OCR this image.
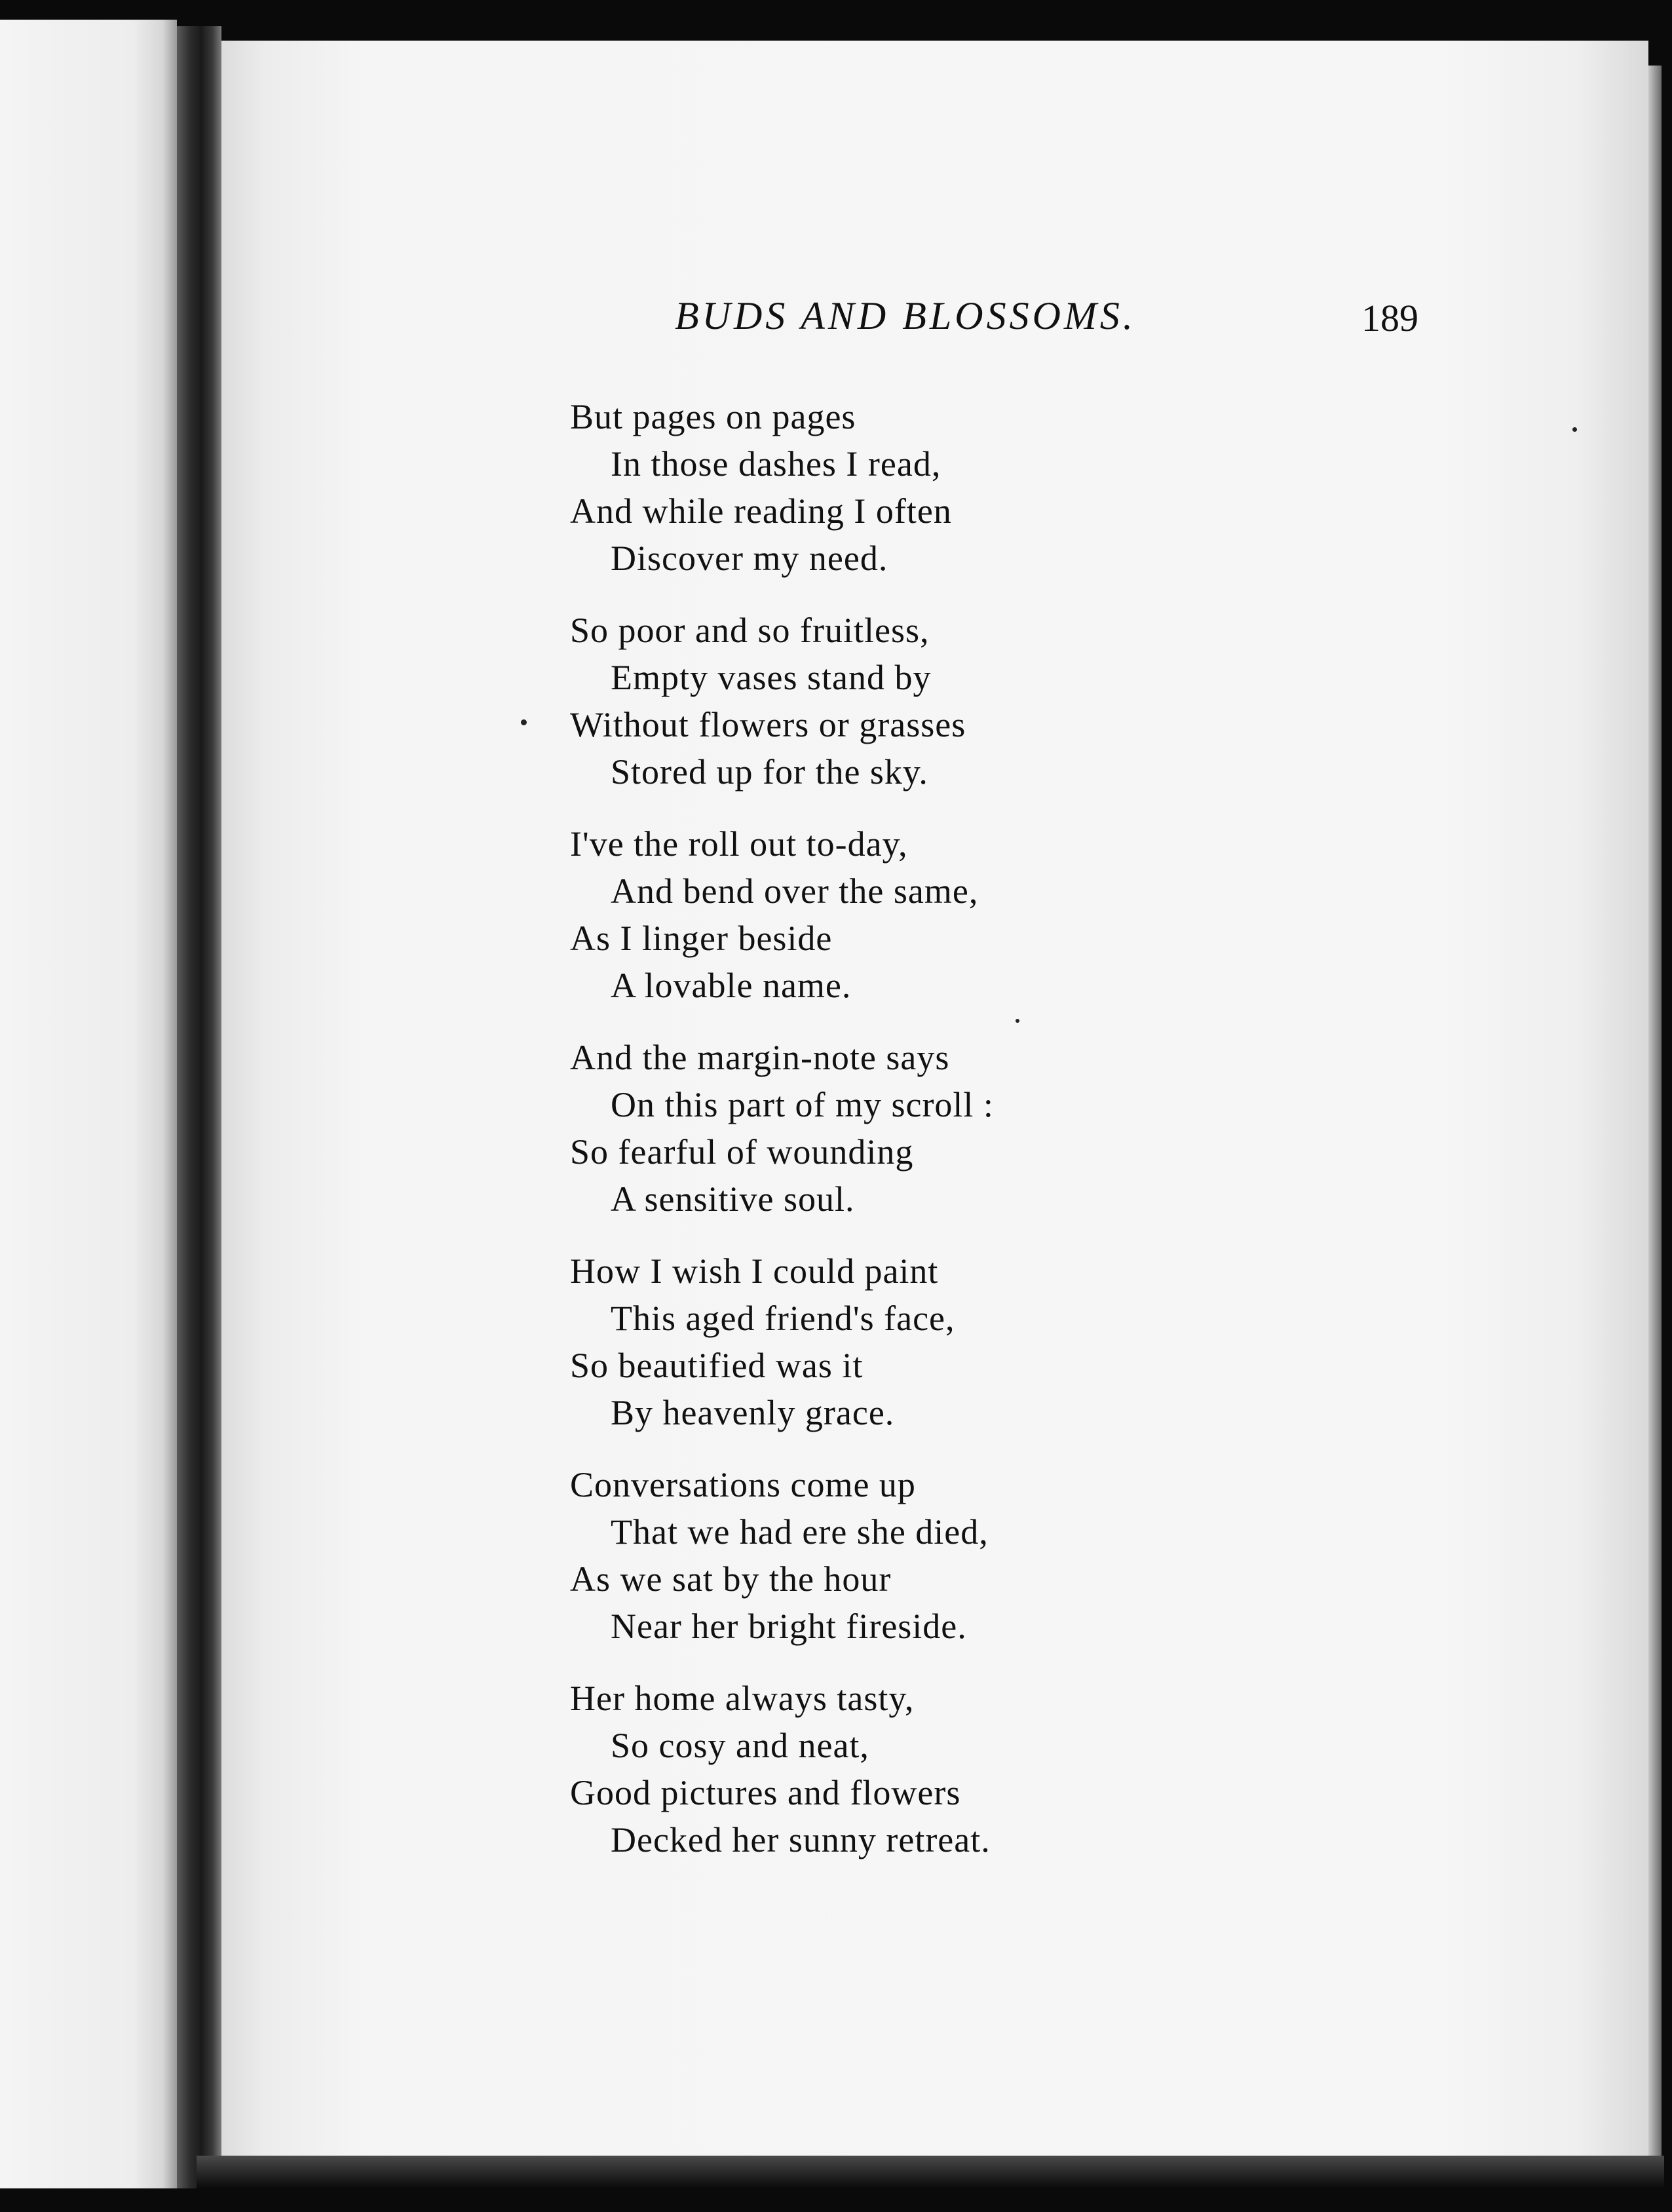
BUDS AND BLOSSOMS.	189
But pages on pages
In those dashes I read,
And while reading I often
Discover my need.
So poor and so fruitless,
Empty vases stand by
Without flowers or grasses
Stored up for the sky.
I've the roll out to-day,
And bend over the same,
As I linger beside
A lovable name.
And the margin-note says
On this part of my scroll :
So fearful of wounding
A sensitive soul.
How I wish I could paint
This aged friend's face,
So beautified was it
By heavenly grace.
Conversations come up
That we had ere she died,
As we sat by the hour
Near her bright fireside.
Her home always tasty,
So cosy and neat,
Good pictures and flowers
Decked her sunny retreat.
